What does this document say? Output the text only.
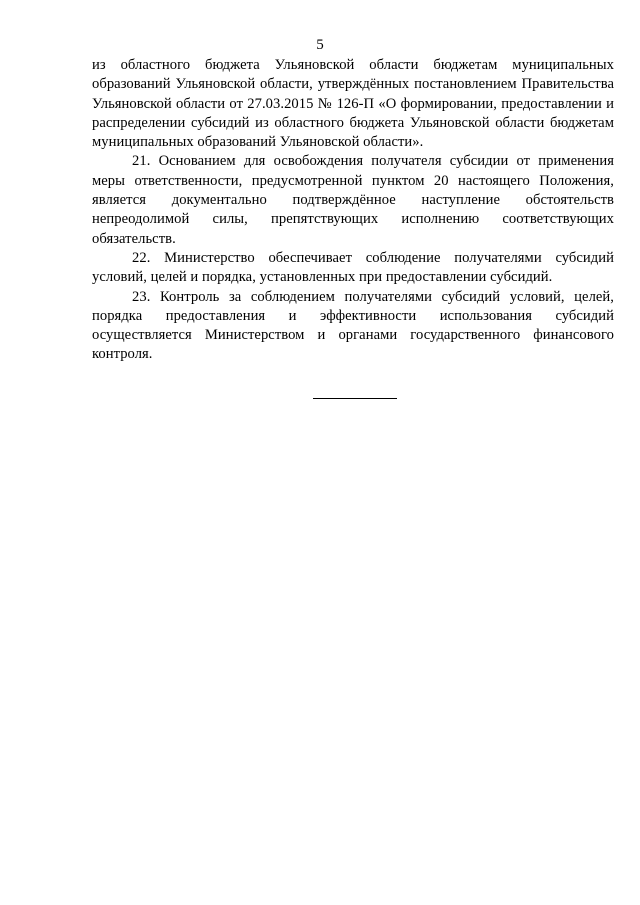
5

из областного бюджета Ульяновской области бюджетам муниципальных образований Ульяновской области, утверждённых постановлением Правительства Ульяновской области от 27.03.2015 № 126-П «О формировании, предоставлении и распределении субсидий из областного бюджета Ульяновской области бюджетам муниципальных образований Ульяновской области».

21. Основанием для освобождения получателя субсидии от применения меры ответственности, предусмотренной пунктом 20 настоящего Положения, является документально подтверждённое наступление обстоятельств непреодолимой силы, препятствующих исполнению соответствующих обязательств.

22. Министерство обеспечивает соблюдение получателями субсидий условий, целей и порядка, установленных при предоставлении субсидий.

23. Контроль за соблюдением получателями субсидий условий, целей, порядка предоставления и эффективности использования субсидий осуществляется Министерством и органами государственного финансового контроля.
